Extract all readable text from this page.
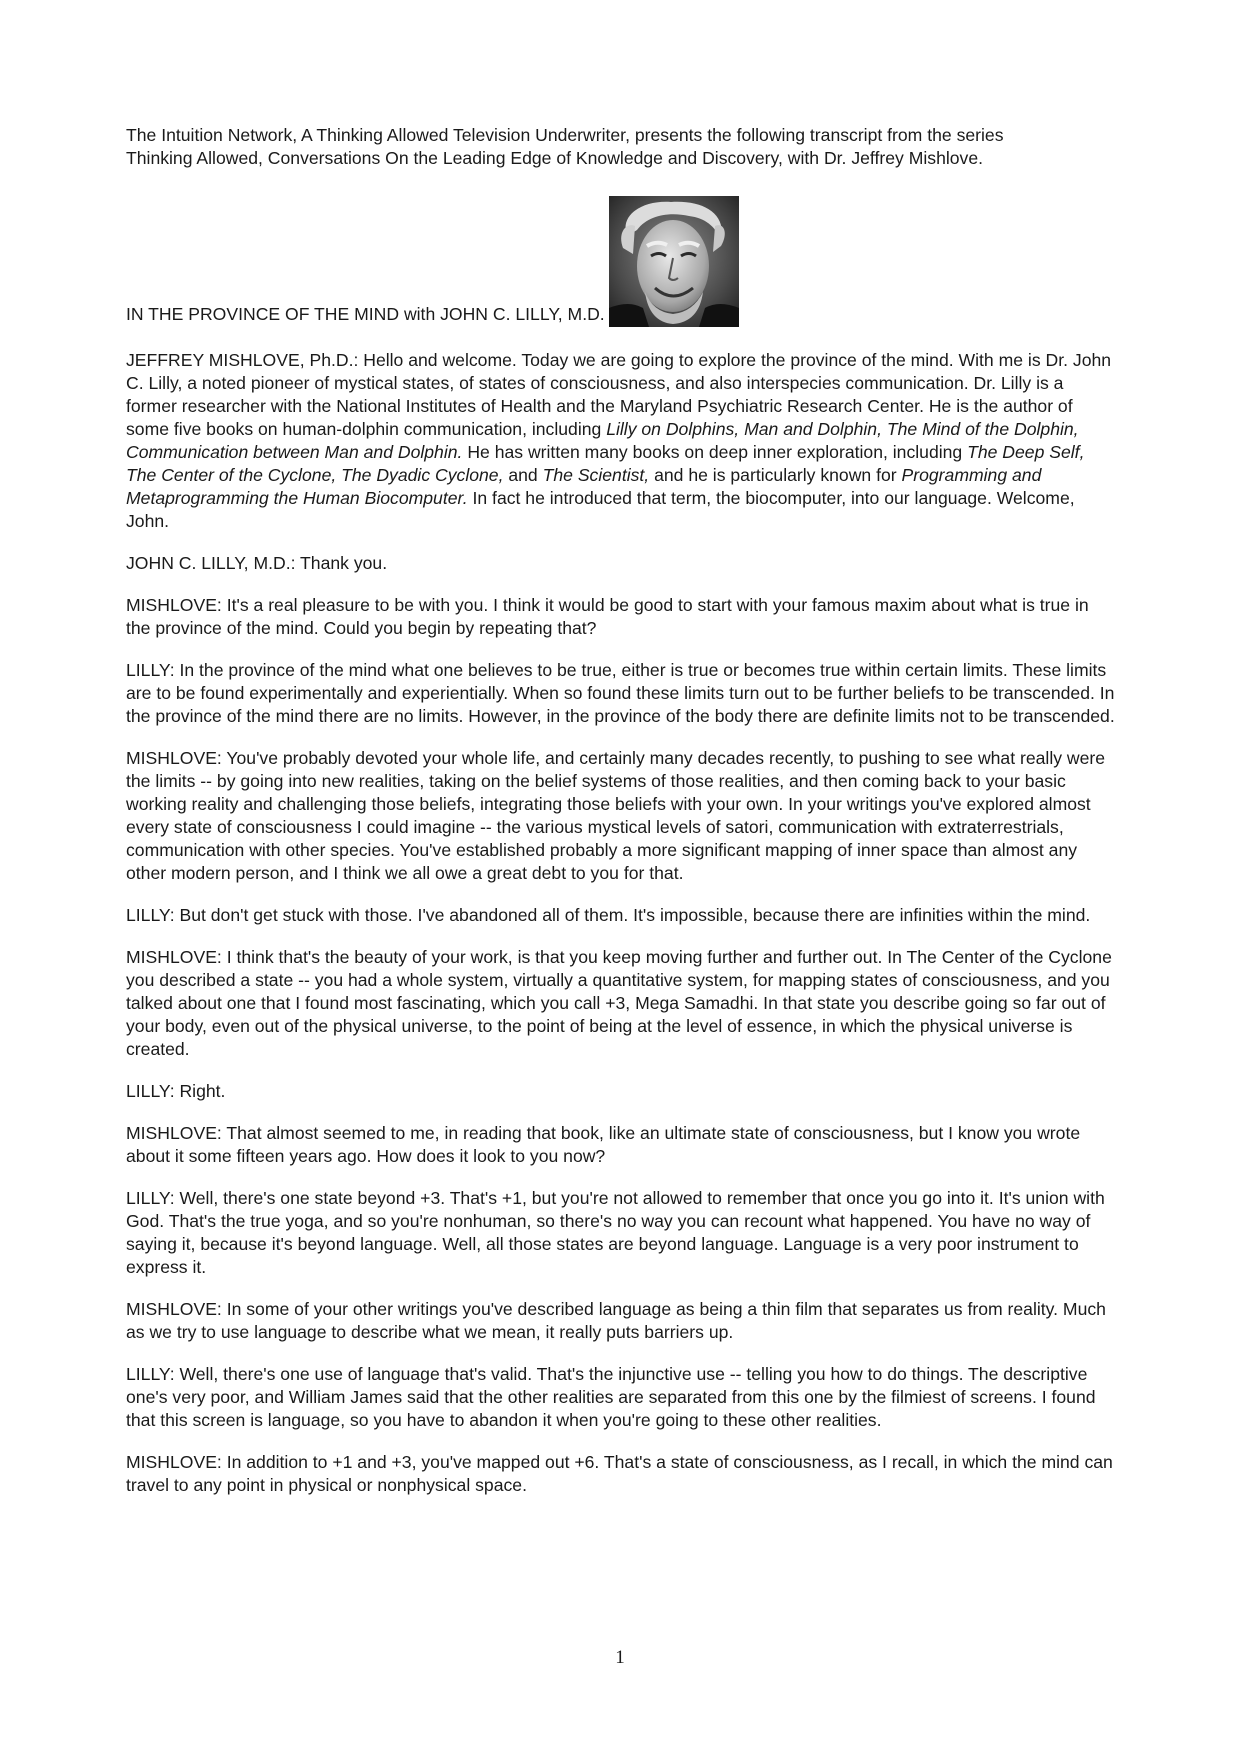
The Intuition Network, A Thinking Allowed Television Underwriter, presents the following transcript from the series
Thinking Allowed, Conversations On the Leading Edge of Knowledge and Discovery, with Dr. Jeffrey Mishlove.

IN THE PROVINCE OF THE MIND with JOHN C. LILLY, M.D.

JEFFREY MISHLOVE, Ph.D.: Hello and welcome. Today we are going to explore the province of the mind. With me is Dr. John C. Lilly, a noted pioneer of mystical states, of states of consciousness, and also interspecies communication. Dr. Lilly is a former researcher with the National Institutes of Health and the Maryland Psychiatric Research Center. He is the author of some five books on human-dolphin communication, including Lilly on Dolphins, Man and Dolphin, The Mind of the Dolphin, Communication between Man and Dolphin. He has written many books on deep inner exploration, including The Deep Self, The Center of the Cyclone, The Dyadic Cyclone, and The Scientist, and he is particularly known for Programming and Metaprogramming the Human Biocomputer. In fact he introduced that term, the biocomputer, into our language. Welcome, John.

JOHN C. LILLY, M.D.: Thank you.

MISHLOVE: It's a real pleasure to be with you. I think it would be good to start with your famous maxim about what is true in the province of the mind. Could you begin by repeating that?

LILLY: In the province of the mind what one believes to be true, either is true or becomes true within certain limits. These limits are to be found experimentally and experientially. When so found these limits turn out to be further beliefs to be transcended. In the province of the mind there are no limits. However, in the province of the body there are definite limits not to be transcended.

MISHLOVE: You've probably devoted your whole life, and certainly many decades recently, to pushing to see what really were the limits -- by going into new realities, taking on the belief systems of those realities, and then coming back to your basic working reality and challenging those beliefs, integrating those beliefs with your own. In your writings you've explored almost every state of consciousness I could imagine -- the various mystical levels of satori, communication with extraterrestrials, communication with other species. You've established probably a more significant mapping of inner space than almost any other modern person, and I think we all owe a great debt to you for that.

LILLY: But don't get stuck with those. I've abandoned all of them. It's impossible, because there are infinities within the mind.

MISHLOVE: I think that's the beauty of your work, is that you keep moving further and further out. In The Center of the Cyclone you described a state -- you had a whole system, virtually a quantitative system, for mapping states of consciousness, and you talked about one that I found most fascinating, which you call +3, Mega Samadhi. In that state you describe going so far out of your body, even out of the physical universe, to the point of being at the level of essence, in which the physical universe is created.

LILLY: Right.

MISHLOVE: That almost seemed to me, in reading that book, like an ultimate state of consciousness, but I know you wrote about it some fifteen years ago. How does it look to you now?

LILLY: Well, there's one state beyond +3. That's +1, but you're not allowed to remember that once you go into it. It's union with God. That's the true yoga, and so you're nonhuman, so there's no way you can recount what happened. You have no way of saying it, because it's beyond language. Well, all those states are beyond language. Language is a very poor instrument to express it.

MISHLOVE: In some of your other writings you've described language as being a thin film that separates us from reality. Much as we try to use language to describe what we mean, it really puts barriers up.

LILLY: Well, there's one use of language that's valid. That's the injunctive use -- telling you how to do things. The descriptive one's very poor, and William James said that the other realities are separated from this one by the filmiest of screens. I found that this screen is language, so you have to abandon it when you're going to these other realities.

MISHLOVE: In addition to +1 and +3, you've mapped out +6. That's a state of consciousness, as I recall, in which the mind can travel to any point in physical or nonphysical space.

1
